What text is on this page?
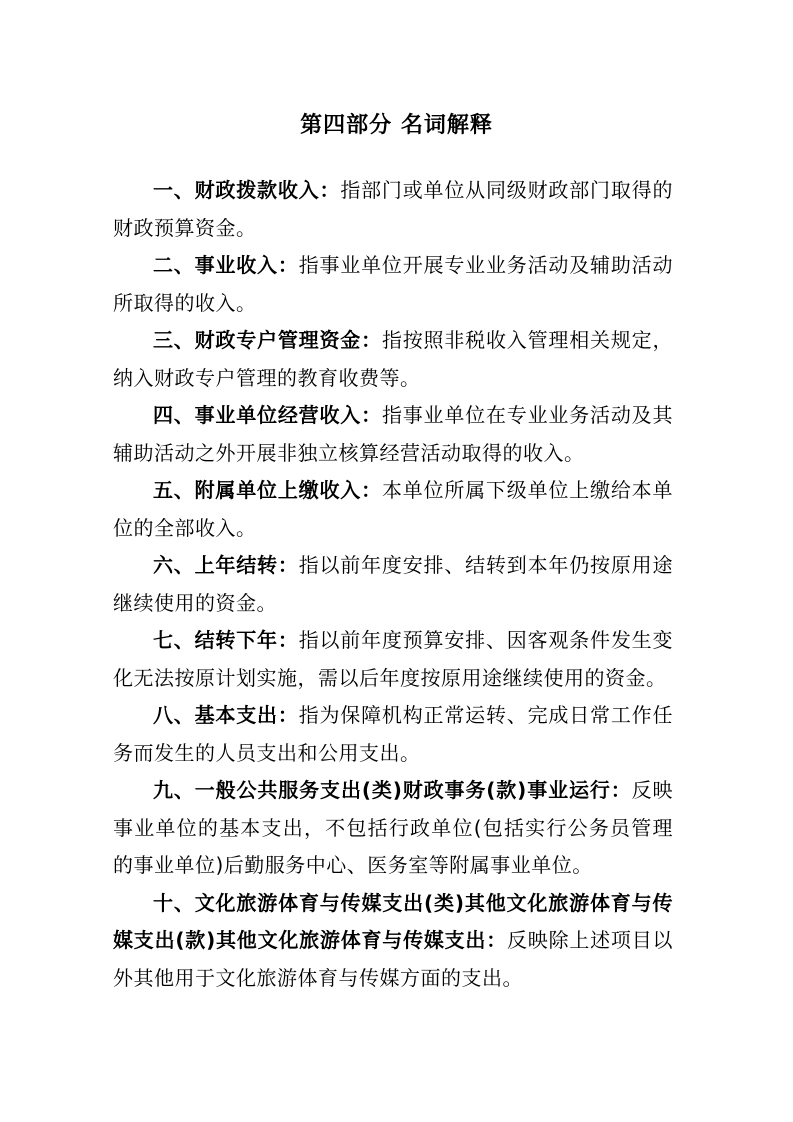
第四部分 名词解释

一、财政拨款收入：指部门或单位从同级财政部门取得的财政预算资金。

二、事业收入：指事业单位开展专业业务活动及辅助活动所取得的收入。

三、财政专户管理资金：指按照非税收入管理相关规定，纳入财政专户管理的教育收费等。

四、事业单位经营收入：指事业单位在专业业务活动及其辅助活动之外开展非独立核算经营活动取得的收入。

五、附属单位上缴收入：本单位所属下级单位上缴给本单位的全部收入。

六、上年结转：指以前年度安排、结转到本年仍按原用途继续使用的资金。

七、结转下年：指以前年度预算安排、因客观条件发生变化无法按原计划实施，需以后年度按原用途继续使用的资金。

八、基本支出：指为保障机构正常运转、完成日常工作任务而发生的人员支出和公用支出。

九、一般公共服务支出(类)财政事务(款)事业运行：反映事业单位的基本支出，不包括行政单位(包括实行公务员管理的事业单位)后勤服务中心、医务室等附属事业单位。

十、文化旅游体育与传媒支出(类)其他文化旅游体育与传媒支出(款)其他文化旅游体育与传媒支出：反映除上述项目以外其他用于文化旅游体育与传媒方面的支出。
